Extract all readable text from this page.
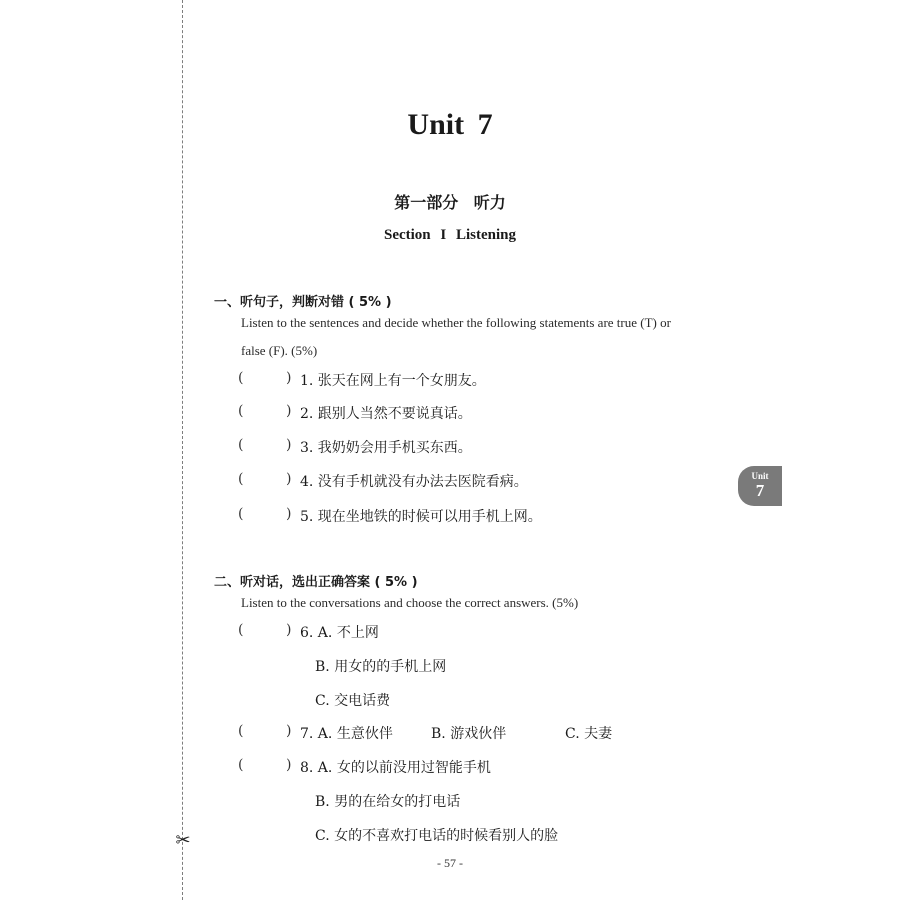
✂
Unit 7
第一部分 听力
Section I Listening
一、听句子，判断对错 ( 5% )
Listen to the sentences and decide whether the following statements are true (T) or
false (F). (5%)
(	) 1. 张天在网上有一个女朋友。
(	) 2. 跟别人当然不要说真话。
(	) 3. 我奶奶会用手机买东西。
(	) 4. 没有手机就没有办法去医院看病。
(	) 5. 现在坐地铁的时候可以用手机上网。
Unit
7
二、听对话，选出正确答案 ( 5% )
Listen to the conversations and choose the correct answers. (5%)
(	) 6. A. 不上网
B. 用女的的手机上网
C. 交电话费
(	) 7. A. 生意伙伴	B. 游戏伙伴	C. 夫妻
(	) 8. A. 女的以前没用过智能手机
B. 男的在给女的打电话
C. 女的不喜欢打电话的时候看别人的脸
- 57 -
